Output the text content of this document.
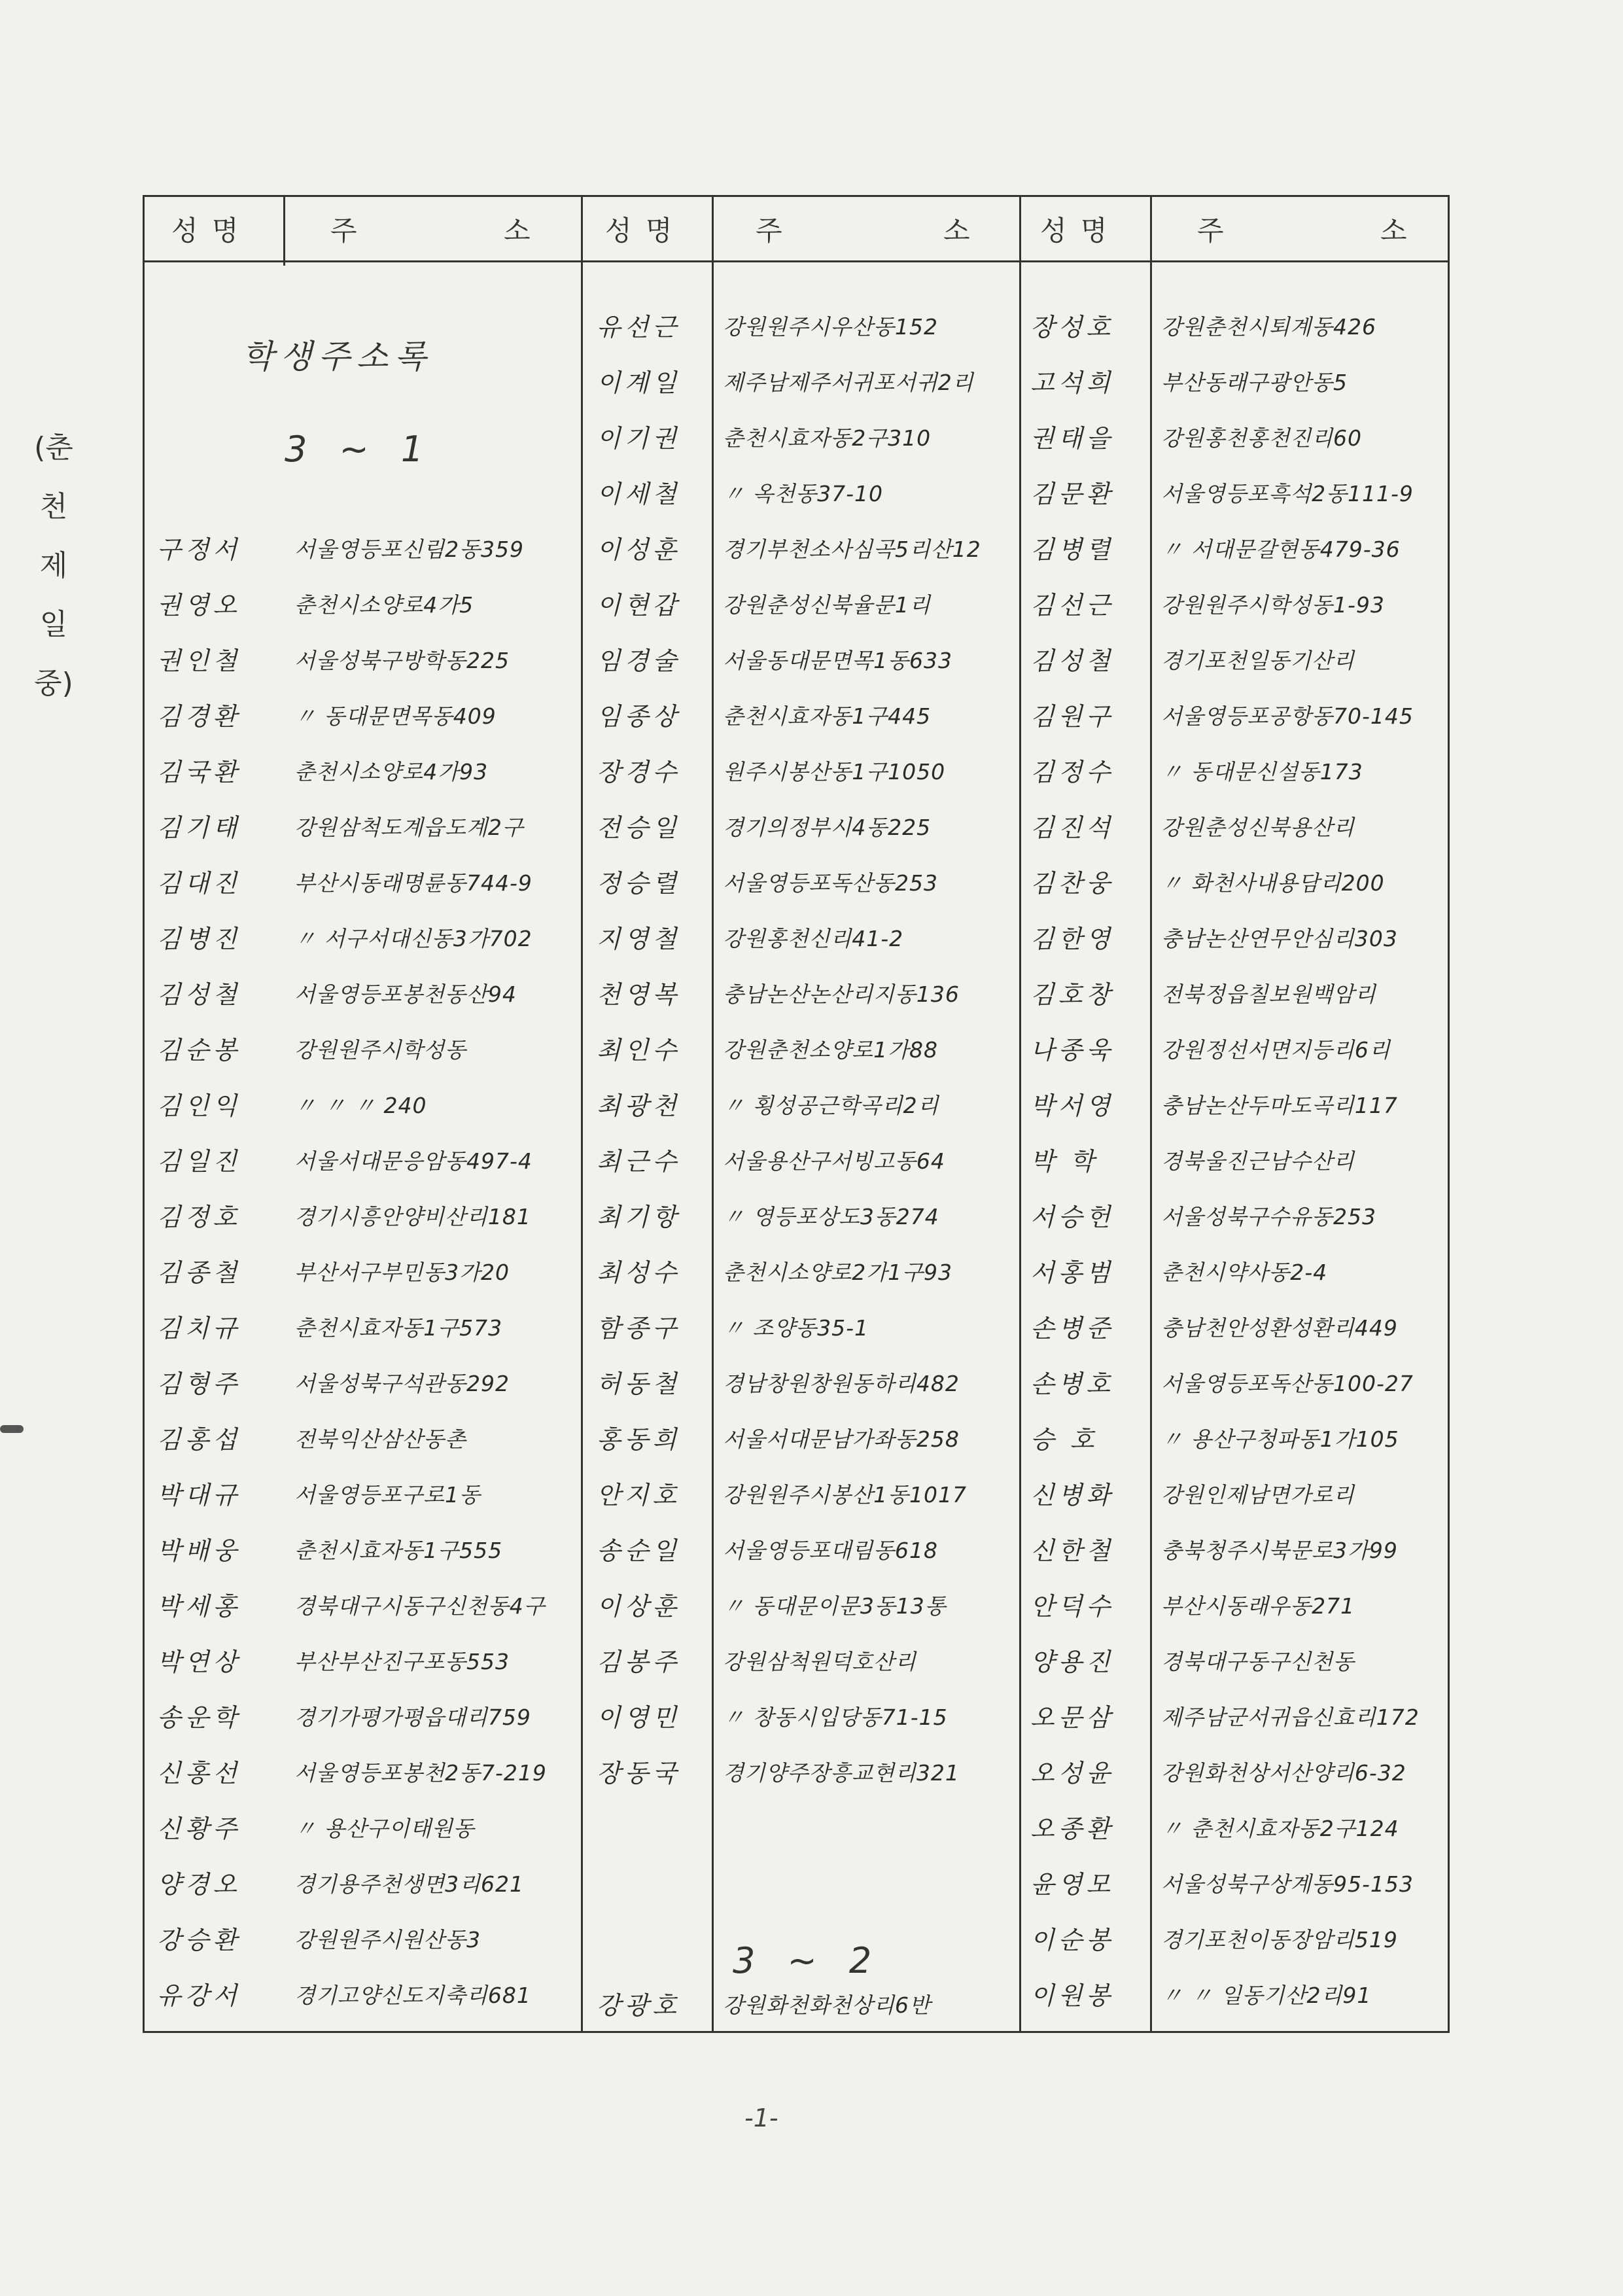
(춘
천
제
일
중)
성 명	주	소	성 명	주	소 성 명	주	소
학생주소록
3 ~ 1
3 ~ 2
구정서 서울영등포신림2동359
권영오 춘천시소양로4가5
권인철 서울성북구방학동225
김경환 〃 동대문면목동409
김국환 춘천시소양로4가93
김기태 강원삼척도계읍도계2구
김대진 부산시동래명륜동744-9
김병진 〃 서구서대신동3가702
김성철 서울영등포봉천동산94
김순봉 강원원주시학성동
김인익 〃 〃 〃 240
김일진 서울서대문응암동497-4
김정호 경기시흥안양비산리181
김종철 부산서구부민동3가20
김치규 춘천시효자동1구573
김형주 서울성북구석관동292
김홍섭 전북익산삼산동촌
박대규 서울영등포구로1동
박배웅 춘천시효자동1구555
박세홍 경북대구시동구신천동4구
박연상 부산부산진구포동553
송운학 경기가평가평읍대리759
신홍선 서울영등포봉천2동7-219
신황주 〃 용산구이태원동
양경오 경기용주천생면3리621
강승환 강원원주시원산동3
유강서 경기고양신도지축리681
유선근 강원원주시우산동152
이계일 제주남제주서귀포서귀2리
이기권 춘천시효자동2구310
이세철 〃 옥천동37-10
이성훈 경기부천소사심곡5리산12
이현갑 강원춘성신북율문1리
임경술 서울동대문면목1동633
임종상 춘천시효자동1구445
장경수 원주시봉산동1구1050
전승일 경기의정부시4동225
정승렬 서울영등포독산동253
지영철 강원홍천신리41-2
천영복 충남논산논산리지동136
최인수 강원춘천소양로1가88
최광천 〃 횡성공근학곡리2리
최근수 서울용산구서빙고동64
최기항 〃 영등포상도3동274
최성수 춘천시소양로2가1구93
함종구 〃 조양동35-1
허동철 경남창원창원동하리482
홍동희 서울서대문남가좌동258
안지호 강원원주시봉산1동1017
송순일 서울영등포대림동618
이상훈 〃 동대문이문3동13통
김봉주 강원삼척원덕호산리
이영민 〃 창동시입당동71-15
장동국 경기양주장흥교현리321
강광호 강원화천화천상리6반
장성호 강원춘천시퇴계동426
고석희 부산동래구광안동5
권태을 강원홍천홍천진리60
김문환 서울영등포흑석2동111-9
김병렬 〃 서대문갈현동479-36
김선근 강원원주시학성동1-93
김성철 경기포천일동기산리
김원구 서울영등포공항동70-145
김정수 〃 동대문신설동173
김진석 강원춘성신북용산리
김찬웅 〃 화천사내용담리200
김한영 충남논산연무안심리303
김호창 전북정읍칠보원백암리
나종욱 강원정선서면지등리6리
박서영 충남논산두마도곡리117
박 학	경북울진근남수산리
서승헌 서울성북구수유동253
서홍범 춘천시약사동2-4
손병준 충남천안성환성환리449
손병호 서울영등포독산동100-27
승 호	〃 용산구청파동1가105
신병화 강원인제남면가로리
신한철 충북청주시북문로3가99
안덕수 부산시동래우동271
양용진 경북대구동구신천동
오문삼 제주남군서귀읍신효리172
오성윤 강원화천상서산양리6-32
오종환 〃 춘천시효자동2구124
윤영모 서울성북구상계동95-153
이순봉 경기포천이동장암리519
이원봉 〃 〃 일동기산2리91
-1-
